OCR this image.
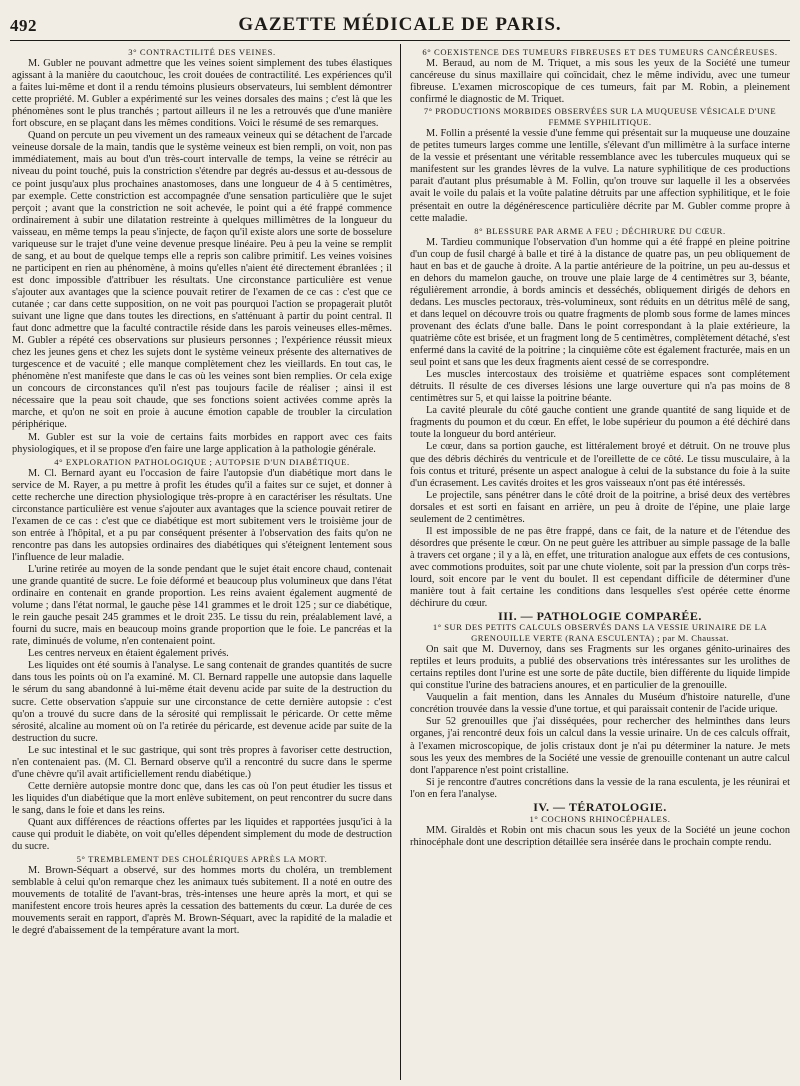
492	GAZETTE MÉDICALE DE PARIS.

3° CONTRACTILITÉ DES VEINES.

M. Gubler ne pouvant admettre que les veines soient simplement des tubes élastiques agissant à la manière du caoutchouc, les croit douées de contractilité. Les expériences qu'il a faites lui-même et dont il a rendu témoins plusieurs observateurs, lui semblent démontrer cette propriété. M. Gubler a expérimenté sur les veines dorsales des mains ; c'est là que les phénomènes sont le plus tranchés ; partout ailleurs il ne les a retrouvés que d'une manière fort obscure, en se plaçant dans les mêmes conditions. Voici le résumé de ses remarques.

Quand on percute un peu vivement un des rameaux veineux qui se détachent de l'arcade veineuse dorsale de la main, tandis que le système veineux est bien rempli, on voit, non pas immédiatement, mais au bout d'un très-court intervalle de temps, la veine se rétrécir au niveau du point touché, puis la constriction s'étendre par degrés au-dessus et au-dessous de ce point jusqu'aux plus prochaines anastomoses, dans une longueur de 4 à 5 centimètres, par exemple. Cette constriction est accompagnée d'une sensation particulière que le sujet perçoit ; avant que la constriction ne soit achevée, le point qui a été frappé commence ordinairement à subir une dilatation restreinte à quelques millimètres de la longueur du vaisseau, en même temps la peau s'injecte, de façon qu'il existe alors une sorte de bosselure variqueuse sur le trajet d'une veine devenue presque linéaire. Peu à peu la veine se remplit de sang, et au bout de quelque temps elle a repris son calibre primitif. Les veines voisines ne participent en rien au phénomène, à moins qu'elles n'aient été directement ébranlées ; il est donc impossible d'attribuer les résultats. Une circonstance particulière est venue s'ajouter aux avantages que la science pouvait retirer de l'examen de ce cas : c'est que ce cutanée ; car dans cette supposition, on ne voit pas pourquoi l'action se propagerait plutôt suivant une ligne que dans toutes les directions, en s'atténuant à partir du point central. Il faut donc admettre que la faculté contractile réside dans les parois veineuses elles-mêmes. M. Gubler a répété ces observations sur plusieurs personnes ; l'expérience réussit mieux chez les jeunes gens et chez les sujets dont le système veineux présente des alternatives de turgescence et de vacuité ; elle manque complètement chez les vieillards. En tout cas, le phénomène n'est manifeste que dans le cas où les veines sont bien remplies. Or cela exige un concours de circonstances qu'il n'est pas toujours facile de réaliser ; ainsi il est nécessaire que la peau soit chaude, que ses fonctions soient activées comme après la marche, et qu'on ne soit en proie à aucune émotion capable de troubler la circulation périphérique.

M. Gubler est sur la voie de certains faits morbides en rapport avec ces faits physiologiques, et il se propose d'en faire une large application à la pathologie générale.

4° EXPLORATION PATHOLOGIQUE ; AUTOPSIE D'UN DIABÉTIQUE.

M. Cl. Bernard ayant eu l'occasion de faire l'autopsie d'un diabétique mort dans le service de M. Rayer, a pu mettre à profit les études qu'il a faites sur ce sujet, et donner à cette recherche une direction physiologique très-propre à en caractériser les résultats. Une circonstance particulière est venue s'ajouter aux avantages que la science pouvait retirer de l'examen de ce cas : c'est que ce diabétique est mort subitement vers le troisième jour de son entrée à l'hôpital, et a pu par conséquent présenter à l'observation des faits qu'on ne rencontre pas dans les autopsies ordinaires des diabétiques qui s'éteignent lentement sous l'influence de leur maladie.

L'urine retirée au moyen de la sonde pendant que le sujet était encore chaud, contenait une grande quantité de sucre. Le foie déformé et beaucoup plus volumineux que dans l'état ordinaire en contenait en grande proportion. Les reins avaient également augmenté de volume ; dans l'état normal, le gauche pèse 141 grammes et le droit 125 ; sur ce diabétique, le rein gauche pesait 245 grammes et le droit 235. Le tissu du rein, préalablement lavé, a fourni du sucre, mais en beaucoup moins grande proportion que le foie. Le pancréas et la rate, diminués de volume, n'en contenaient point.

Les centres nerveux en étaient également privés.

Les liquides ont été soumis à l'analyse. Le sang contenait de grandes quantités de sucre dans tous les points où on l'a examiné. M. Cl. Bernard rappelle une autopsie dans laquelle le sérum du sang abandonné à lui-même était devenu acide par suite de la destruction du sucre. Cette observation s'appuie sur une circonstance de cette dernière autopsie : c'est qu'on a trouvé du sucre dans de la sérosité qui remplissait le péricarde. Or cette même sérosité, alcaline au moment où on l'a retirée du péricarde, est devenue acide par suite de la destruction du sucre.

Le suc intestinal et le suc gastrique, qui sont très propres à favoriser cette destruction, n'en contenaient pas. (M. Cl. Bernard observe qu'il a rencontré du sucre dans le sperme d'une chèvre qu'il avait artificiellement rendu diabétique.)

Cette dernière autopsie montre donc que, dans les cas où l'on peut étudier les tissus et les liquides d'un diabétique que la mort enlève subitement, on peut rencontrer du sucre dans le sang, dans le foie et dans les reins.

Quant aux différences de réactions offertes par les liquides et rapportées jusqu'ici à la cause qui produit le diabète, on voit qu'elles dépendent simplement du mode de destruction du sucre.

5° TREMBLEMENT DES CHOLÉRIQUES APRÈS LA MORT.

M. Brown-Séquart a observé, sur des hommes morts du choléra, un tremblement semblable à celui qu'on remarque chez les animaux tués subitement. Il a noté en outre des mouvements de totalité de l'avant-bras, très-intenses une heure après la mort, et qui se manifestent encore trois heures après la cessation des battements du cœur. La durée de ces mouvements serait en rapport, d'après M. Brown-Séquart, avec la rapidité de la maladie et le degré d'abaissement de la température avant la mort.

6° COEXISTENCE DES TUMEURS FIBREUSES ET DES TUMEURS CANCÉREUSES.

M. Beraud, au nom de M. Triquet, a mis sous les yeux de la Société une tumeur cancéreuse du sinus maxillaire qui coïncidait, chez le même individu, avec une tumeur fibreuse. L'examen microscopique de ces tumeurs, fait par M. Robin, a pleinement confirmé le diagnostic de M. Triquet.

7° PRODUCTIONS MORBIDES OBSERVÉES SUR LA MUQUEUSE VÉSICALE D'UNE FEMME SYPHILITIQUE.

M. Follin a présenté la vessie d'une femme qui présentait sur la muqueuse une douzaine de petites tumeurs larges comme une lentille, s'élevant d'un millimètre à la surface interne de la vessie et présentant une véritable ressemblance avec les tubercules muqueux qui se manifestent sur les grandes lèvres de la vulve. La nature syphilitique de ces productions parait d'autant plus présumable à M. Follin, qu'on trouve sur laquelle il les a observées avait le voile du palais et la voûte palatine détruits par une affection syphilitique, et le foie présentait en outre la dégénérescence particulière décrite par M. Gubler comme propre à cette maladie.

8° BLESSURE PAR ARME A FEU ; DÉCHIRURE DU CŒUR.

M. Tardieu communique l'observation d'un homme qui a été frappé en pleine poitrine d'un coup de fusil chargé à balle et tiré à la distance de quatre pas, un peu obliquement de haut en bas et de gauche à droite. A la partie antérieure de la poitrine, un peu au-dessus et en dehors du mamelon gauche, on trouve une plaie large de 4 centimètres sur 3, béante, régulièrement arrondie, à bords amincis et desséchés, obliquement dirigés de dehors en dedans. Les muscles pectoraux, très-volumineux, sont réduits en un détritus mêlé de sang, et dans lequel on découvre trois ou quatre fragments de plomb sous forme de lames minces provenant des éclats d'une balle. Dans le point correspondant à la plaie extérieure, la quatrième côte est brisée, et un fragment long de 5 centimètres, complètement détaché, s'est enfermé dans la cavité de la poitrine ; la cinquième côte est également fracturée, mais en un seul point et sans que les deux fragments aient cessé de se correspondre.

Les muscles intercostaux des troisième et quatrième espaces sont complétement détruits. Il résulte de ces diverses lésions une large ouverture qui n'a pas moins de 8 centimètres sur 5, et qui laisse la poitrine béante.

La cavité pleurale du côté gauche contient une grande quantité de sang liquide et de fragments du poumon et du cœur. En effet, le lobe supérieur du poumon a été déchiré dans toute la longueur du bord antérieur.

Le cœur, dans sa portion gauche, est littéralement broyé et détruit. On ne trouve plus que des débris déchirés du ventricule et de l'oreillette de ce côté. Le tissu musculaire, à la fois contus et trituré, présente un aspect analogue à celui de la substance du foie à la suite d'un écrasement. Les cavités droites et les gros vaisseaux n'ont pas été intéressés.

Le projectile, sans pénétrer dans le côté droit de la poitrine, a brisé deux des vertèbres dorsales et est sorti en faisant en arrière, un peu à droite de l'épine, une plaie large seulement de 2 centimètres.

Il est impossible de ne pas être frappé, dans ce fait, de la nature et de l'étendue des désordres que présente le cœur. On ne peut guère les attribuer au simple passage de la balle à travers cet organe ; il y a là, en effet, une trituration analogue aux effets de ces contusions, avec commotions produites, soit par une chute violente, soit par la pression d'un corps très-lourd, soit encore par le vent du boulet. Il est cependant difficile de déterminer d'une manière tout à fait certaine les conditions dans lesquelles s'est opérée cette énorme déchirure du cœur.

III. — PATHOLOGIE COMPARÉE.

1° SUR DES PETITS CALCULS OBSERVÉS DANS LA VESSIE URINAIRE DE LA GRENOUILLE VERTE (RANA ESCULENTA) ; par M. Chaussat.

On sait que M. Duvernoy, dans ses Fragments sur les organes génito-urinaires des reptiles et leurs produits, a publié des observations très intéressantes sur les urolithes de certains reptiles dont l'urine est une sorte de pâte ductile, bien différente du liquide limpide qui constitue l'urine des batraciens anoures, et en particulier de la grenouille.

Vauquelin a fait mention, dans les Annales du Muséum d'histoire naturelle, d'une concrétion trouvée dans la vessie d'une tortue, et qui paraissait contenir de l'acide urique.

Sur 52 grenouilles que j'ai disséquées, pour rechercher des helminthes dans leurs organes, j'ai rencontré deux fois un calcul dans la vessie urinaire. Un de ces calculs offrait, à l'examen microscopique, de jolis cristaux dont je n'ai pu déterminer la nature. Je mets sous les yeux des membres de la Société une vessie de grenouille contenant un autre calcul dont l'apparence n'est point cristalline.

Si je rencontre d'autres concrétions dans la vessie de la rana esculenta, je les réunirai et l'on en fera l'analyse.

IV. — TÉRATOLOGIE.

1° COCHONS RHINOCÉPHALES.

MM. Giraldès et Robin ont mis chacun sous les yeux de la Société un jeune cochon rhinocéphale dont une description détaillée sera insérée dans le prochain compte rendu.
